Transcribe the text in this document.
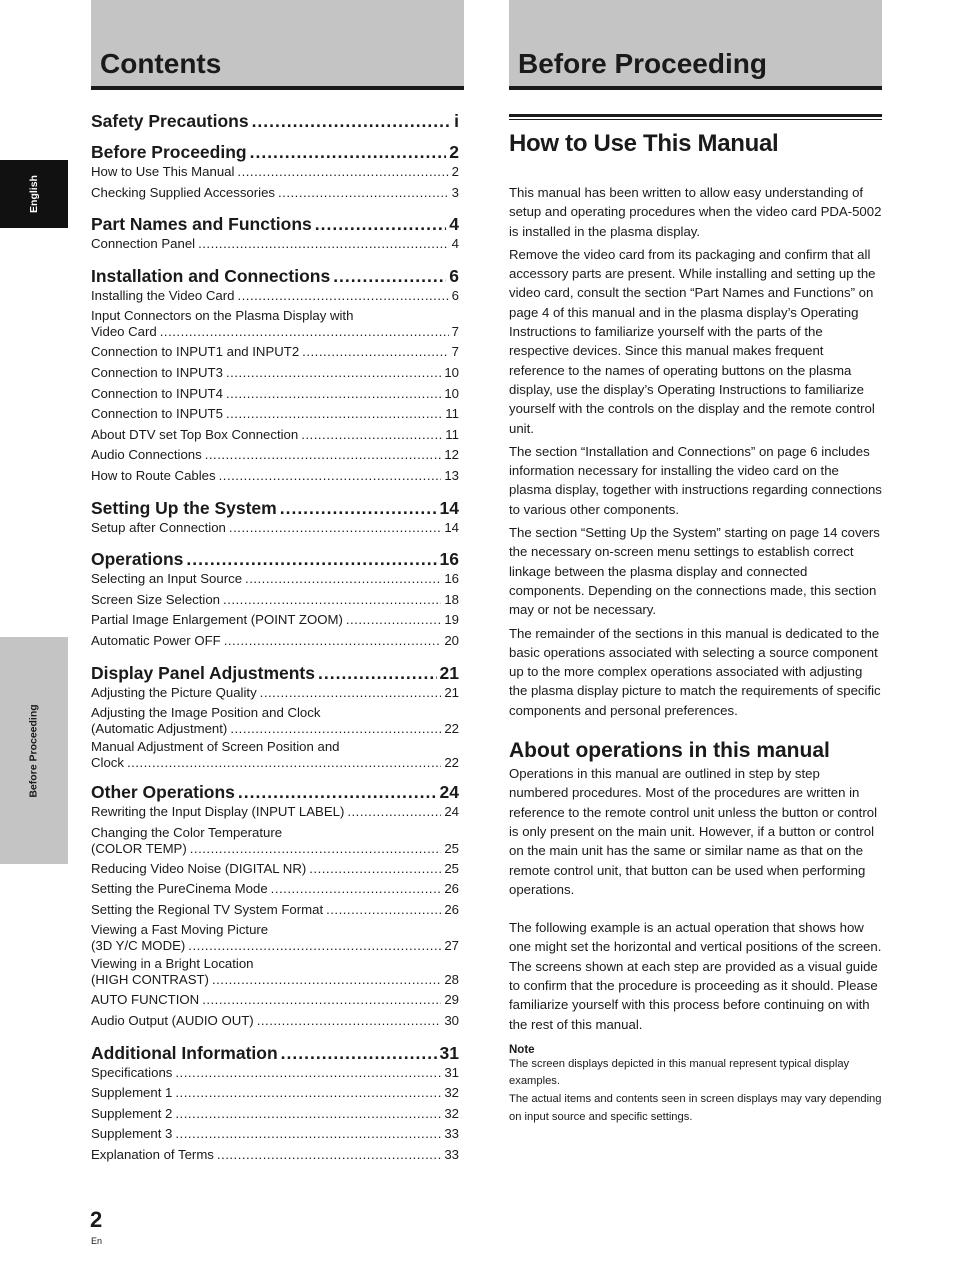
Contents	Before Proceeding
English
Before Proceeding
Safety Precautions .....	i
Before Proceeding .....	2
How to Use This Manual .....	2
Checking Supplied Accessories .....	3
Part Names and Functions .....	4
Connection Panel .....	4
Installation and Connections .....	6
Installing the Video Card .....	6
Input Connectors on the Plasma Display with
Video Card .....	7
Connection to INPUT1 and INPUT2 .....	7
Connection to INPUT3 .....	10
Connection to INPUT4 .....	10
Connection to INPUT5 .....	11
About DTV set Top Box Connection .....	11
Audio Connections .....	12
How to Route Cables .....	13
Setting Up the System .....	14
Setup after Connection .....	14
Operations .....	16
Selecting an Input Source .....	16
Screen Size Selection .....	18
Partial Image Enlargement (POINT ZOOM) .....	19
Automatic Power OFF .....	20
Display Panel Adjustments .....	21
Adjusting the Picture Quality .....	21
Adjusting the Image Position and Clock
(Automatic Adjustment) .....	22
Manual Adjustment of Screen Position and
Clock .....	22
Other Operations .....	24
Rewriting the Input Display (INPUT LABEL) .....	24
Changing the Color Temperature
(COLOR TEMP) .....	25
Reducing Video Noise (DIGITAL NR) .....	25
Setting the PureCinema Mode .....	26
Setting the Regional TV System Format .....	26
Viewing a Fast Moving Picture
(3D Y/C MODE) .....	27
Viewing in a Bright Location
(HIGH CONTRAST) .....	28
AUTO FUNCTION .....	29
Audio Output (AUDIO OUT) .....	30
Additional Information .....	31
Specifications .....	31
Supplement 1 .....	32
Supplement 2 .....	32
Supplement 3 .....	33
Explanation of Terms .....	33
How to Use This Manual

This manual has been written to allow easy understanding of setup and operating procedures when the video card PDA-5002 is installed in the plasma display.

Remove the video card from its packaging and confirm that all accessory parts are present. While installing and setting up the video card, consult the section “Part Names and Functions” on page 4 of this manual and in the plasma display’s Operating Instructions to familiarize yourself with the parts of the respective devices. Since this manual makes frequent reference to the names of operating buttons on the plasma display, use the display’s Operating Instructions to familiarize yourself with the controls on the display and the remote control unit.

The section “Installation and Connections” on page 6 includes information necessary for installing the video card on the plasma display, together with instructions regarding connections to various other components.

The section “Setting Up the System” starting on page 14 covers the necessary on-screen menu settings to establish correct linkage between the plasma display and connected components. Depending on the connections made, this section may or not be necessary.

The remainder of the sections in this manual is dedicated to the basic operations associated with selecting a source component up to the more complex operations associated with adjusting the plasma display picture to match the requirements of specific components and personal preferences.

About operations in this manual

Operations in this manual are outlined in step by step numbered procedures. Most of the procedures are written in reference to the remote control unit unless the button or control is only present on the main unit. However, if a button or control on the main unit has the same or similar name as that on the remote control unit, that button can be used when performing operations.

The following example is an actual operation that shows how one might set the horizontal and vertical positions of the screen. The screens shown at each step are provided as a visual guide to confirm that the procedure is proceeding as it should. Please familiarize yourself with this process before continuing on with the rest of this manual.

Note

The screen displays depicted in this manual represent typical display examples.

The actual items and contents seen in screen displays may vary depending on input source and specific settings.

2
En
